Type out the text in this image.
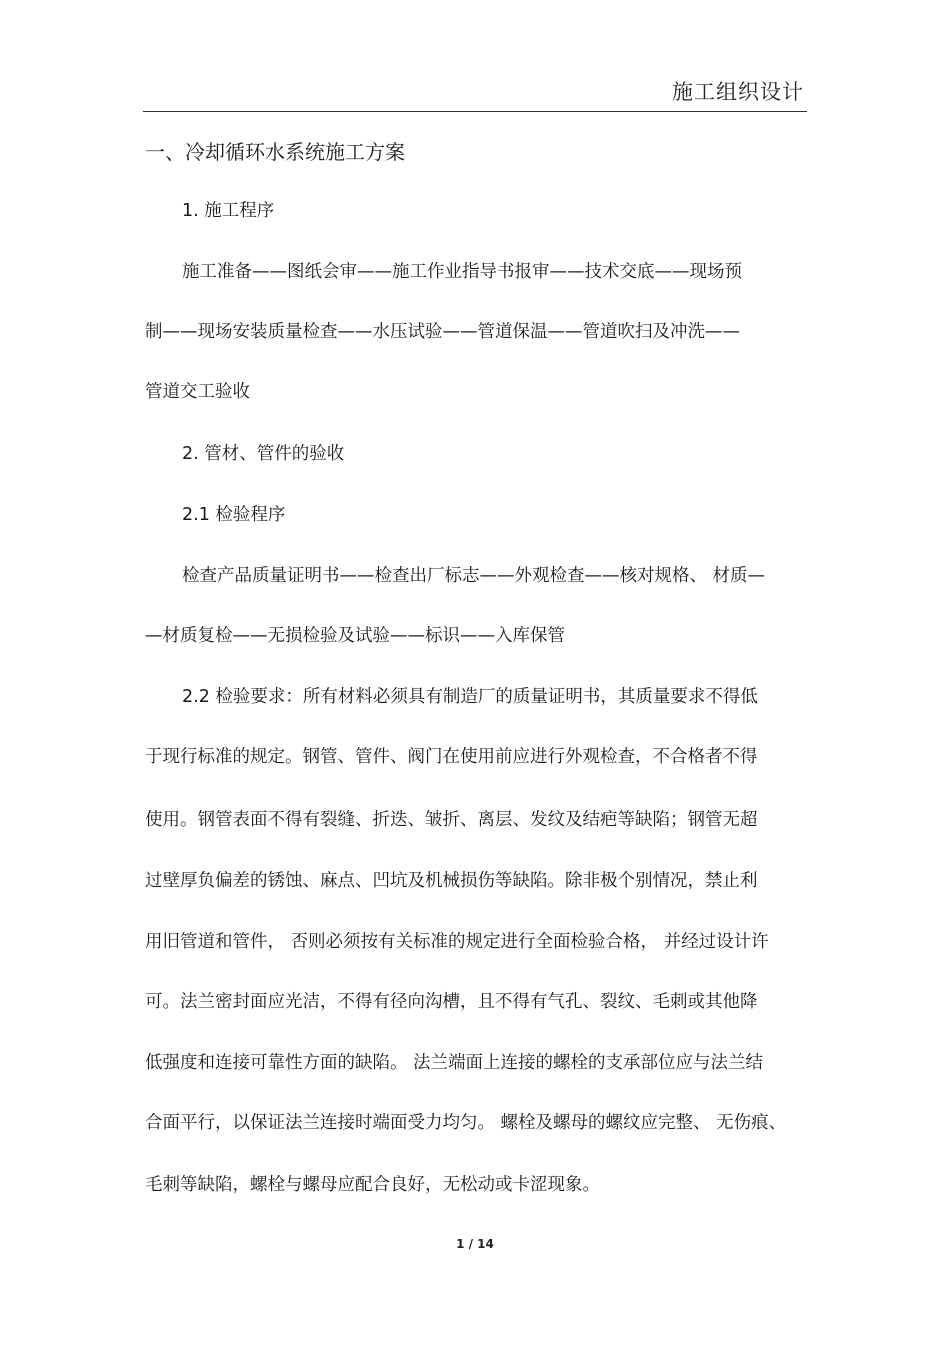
施工组织设计
一、冷却循环水系统施工方案
1. 施工程序
施工准备——图纸会审——施工作业指导书报审——技术交底——现场预
制——现场安装质量检查——水压试验——管道保温——管道吹扫及冲洗——
管道交工验收
2. 管材、管件的验收
2.1 检验程序
检查产品质量证明书——检查出厂标志——外观检查——核对规格、 材质—
—材质复检——无损检验及试验——标识——入库保管
2.2 检验要求：所有材料必须具有制造厂的质量证明书，其质量要求不得低
于现行标准的规定。钢管、管件、阀门在使用前应进行外观检查，不合格者不得
使用。钢管表面不得有裂缝、折迭、皱折、离层、发纹及结疤等缺陷；钢管无超
过壁厚负偏差的锈蚀、麻点、凹坑及机械损伤等缺陷。除非极个别情况，禁止利
用旧管道和管件， 否则必须按有关标准的规定进行全面检验合格， 并经过设计许
可。法兰密封面应光洁，不得有径向沟槽，且不得有气孔、裂纹、毛刺或其他降
低强度和连接可靠性方面的缺陷。 法兰端面上连接的螺栓的支承部位应与法兰结
合面平行，以保证法兰连接时端面受力均匀。 螺栓及螺母的螺纹应完整、 无伤痕、
毛刺等缺陷，螺栓与螺母应配合良好，无松动或卡涩现象。
1 / 14
